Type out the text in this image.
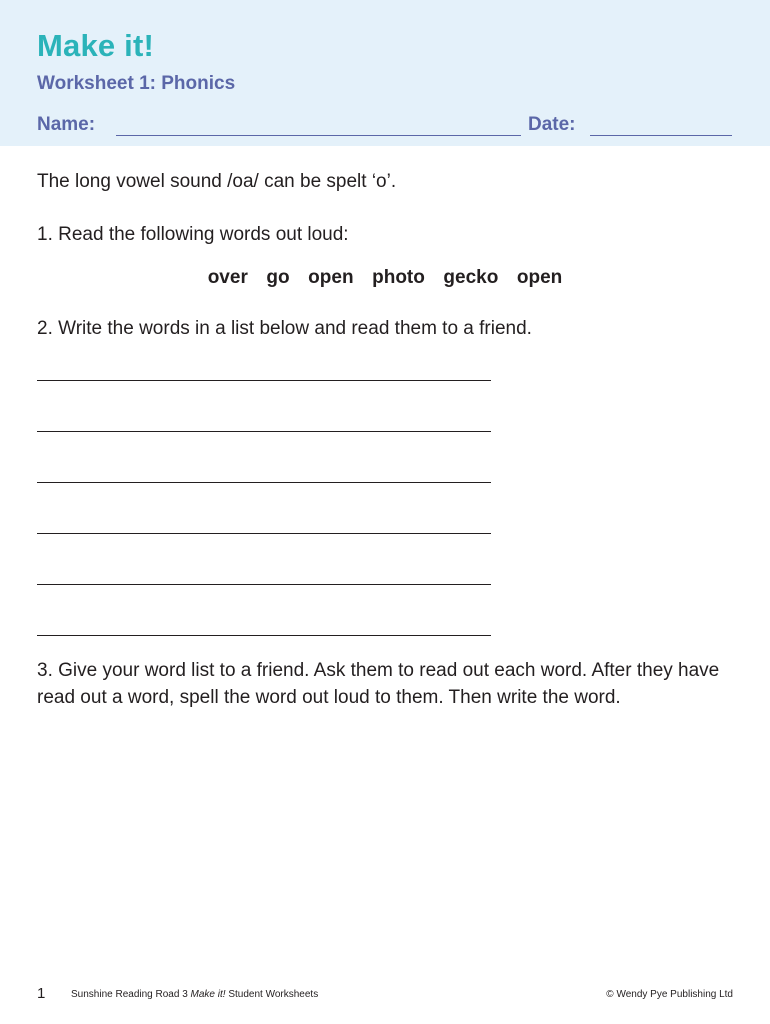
Make it!
Worksheet 1: Phonics
Name:	Date:

The long vowel sound /oa/ can be spelt ‘o’.

1. Read the following words out loud:

over  go  open  photo  gecko  open

2. Write the words in a list below and read them to a friend.

3. Give your word list to a friend. Ask them to read out each word. After they have read out a word, spell the word out loud to them. Then write the word.

1	Sunshine Reading Road 3 Make it! Student Worksheets	© Wendy Pye Publishing Ltd
